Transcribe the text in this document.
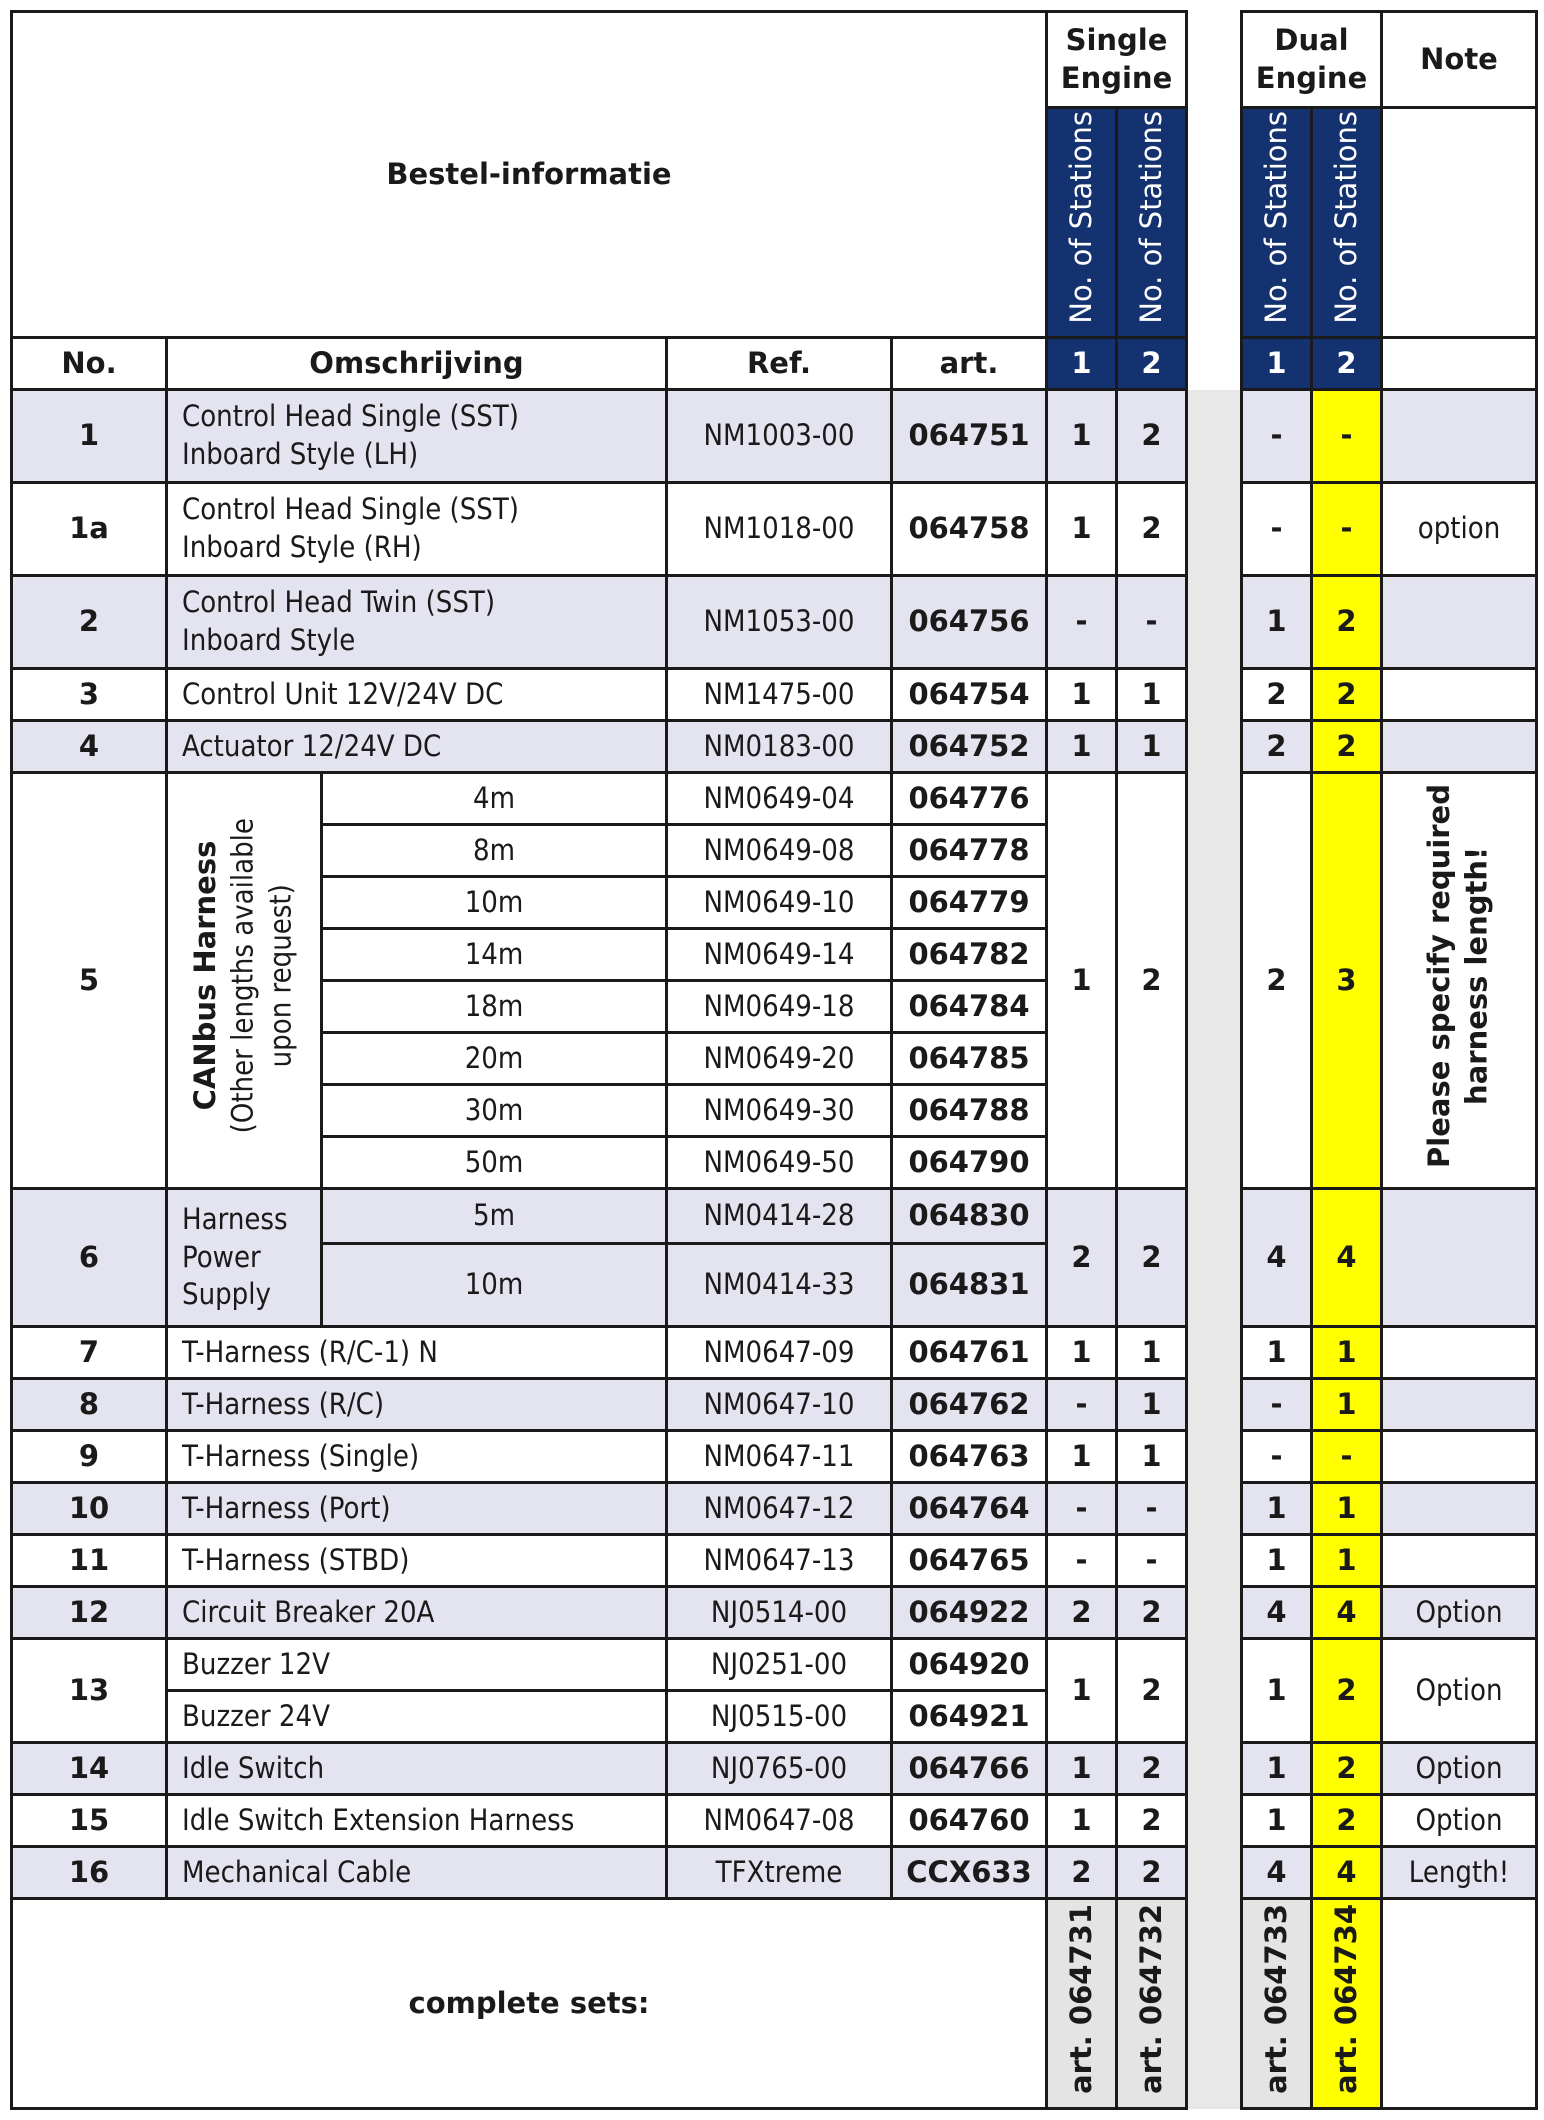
Bestel-informatie					Single Engine			Dual Engine		Note
					No. of Stations	No. of Stations		No. of Stations	No. of Stations	
No.	Omschrijving		Ref.	art.	1	2		1	2	
1	Control Head Single (SST)
Inboard Style (LH)		NM1003-00	064751	1	2		-	-	
1a	Control Head Single (SST)
Inboard Style (RH)		NM1018-00	064758	1	2		-	-	option
2	Control Head Twin (SST)
Inboard Style		NM1053-00	064756	-	-		1	2	
3	Control Unit 12V/24V DC		NM1475-00	064754	1	1		2	2	
4	Actuator 12/24V DC		NM0183-00	064752	1	1		2	2	
5	CANbus Harness (Other lengths available upon request)	4m	NM0649-04	064776	1	2		2	3	Please specify required harness length!
		8m	NM0649-08	064778						
		10m	NM0649-10	064779						
		14m	NM0649-14	064782						
		18m	NM0649-18	064784						
		20m	NM0649-20	064785						
		30m	NM0649-30	064788						
		50m	NM0649-50	064790						
6	Harness
Power
Supply	5m	NM0414-28	064830	2	2		4	4	
		10m	NM0414-33	064831						
7	T-Harness (R/C-1) N		NM0647-09	064761	1	1		1	1	
8	T-Harness (R/C)		NM0647-10	064762	-	1		-	1	
9	T-Harness (Single)		NM0647-11	064763	1	1		-	-	
10	T-Harness (Port)		NM0647-12	064764	-	-		1	1	
11	T-Harness (STBD)		NM0647-13	064765	-	-		1	1	
12	Circuit Breaker 20A		NJ0514-00	064922	2	2		4	4	Option
13	Buzzer 12V		NJ0251-00	064920	1	2		1	2	Option
	Buzzer 24V		NJ0515-00	064921						
14	Idle Switch		NJ0765-00	064766	1	2		1	2	Option
15	Idle Switch Extension Harness		NM0647-08	064760	1	2		1	2	Option
16	Mechanical Cable		TFXtreme	CCX633	2	2		4	4	Length!
complete sets:					art. 064731	art. 064732		art. 064733	art. 064734	
